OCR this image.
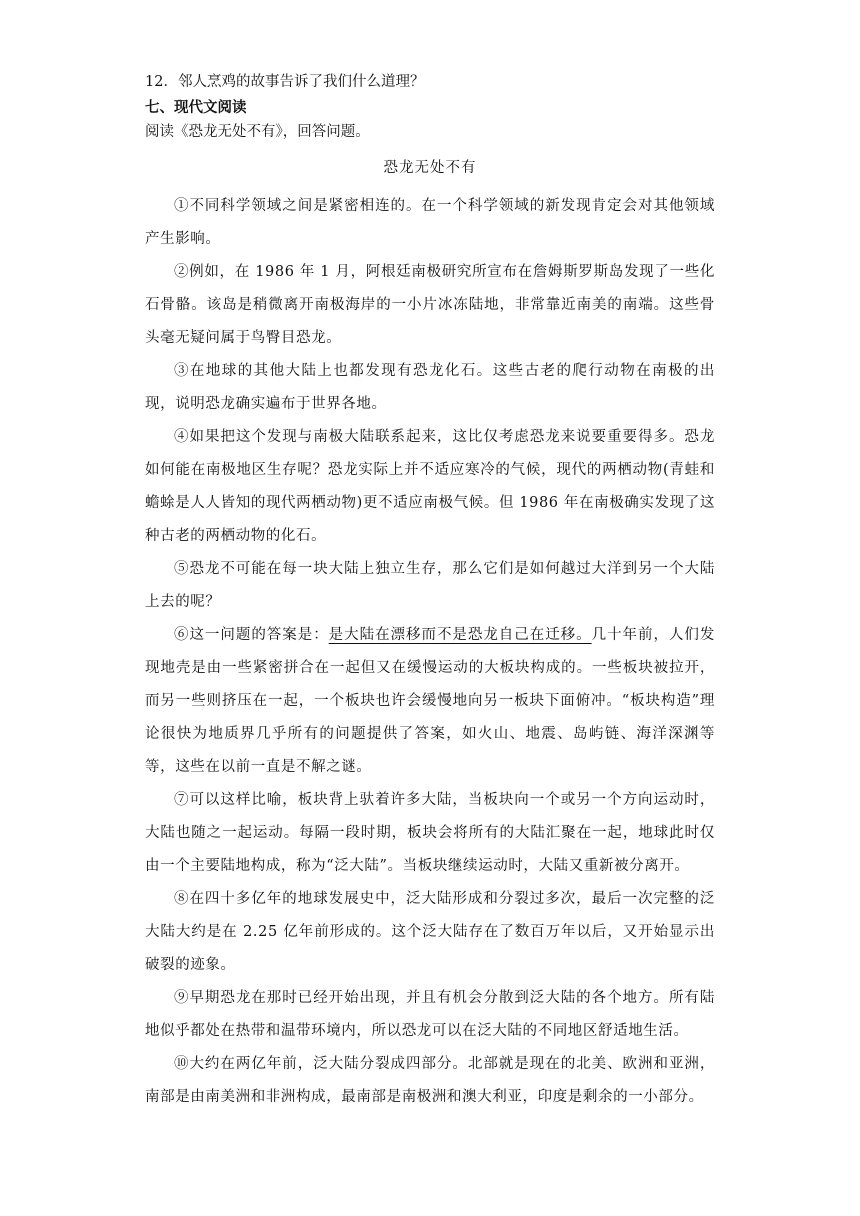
12．邻人烹鸡的故事告诉了我们什么道理？

七、现代文阅读

阅读《恐龙无处不有》，回答问题。

恐龙无处不有

①不同科学领域之间是紧密相连的。在一个科学领域的新发现肯定会对其他领域产生影响。

②例如，在 1986 年 1 月，阿根廷南极研究所宣布在詹姆斯罗斯岛发现了一些化石骨骼。该岛是稍微离开南极海岸的一小片冰冻陆地，非常靠近南美的南端。这些骨头毫无疑问属于鸟臀目恐龙。

③在地球的其他大陆上也都发现有恐龙化石。这些古老的爬行动物在南极的出现，说明恐龙确实遍布于世界各地。

④如果把这个发现与南极大陆联系起来，这比仅考虑恐龙来说要重要得多。恐龙如何能在南极地区生存呢？恐龙实际上并不适应寒冷的气候，现代的两栖动物(青蛙和蟾蜍是人人皆知的现代两栖动物)更不适应南极气候。但 1986 年在南极确实发现了这种古老的两栖动物的化石。

⑤恐龙不可能在每一块大陆上独立生存，那么它们是如何越过大洋到另一个大陆上去的呢？

⑥这一问题的答案是：是大陆在漂移而不是恐龙自己在迁移。几十年前，人们发现地壳是由一些紧密拼合在一起但又在缓慢运动的大板块构成的。一些板块被拉开，而另一些则挤压在一起，一个板块也许会缓慢地向另一板块下面俯冲。“板块构造”理论很快为地质界几乎所有的问题提供了答案，如火山、地震、岛屿链、海洋深渊等等，这些在以前一直是不解之谜。

⑦可以这样比喻，板块背上驮着许多大陆，当板块向一个或另一个方向运动时，大陆也随之一起运动。每隔一段时期，板块会将所有的大陆汇聚在一起，地球此时仅由一个主要陆地构成，称为“泛大陆”。当板块继续运动时，大陆又重新被分离开。

⑧在四十多亿年的地球发展史中，泛大陆形成和分裂过多次，最后一次完整的泛大陆大约是在 2.25 亿年前形成的。这个泛大陆存在了数百万年以后，又开始显示出破裂的迹象。

⑨早期恐龙在那时已经开始出现，并且有机会分散到泛大陆的各个地方。所有陆地似乎都处在热带和温带环境内，所以恐龙可以在泛大陆的不同地区舒适地生活。

⑩大约在两亿年前，泛大陆分裂成四部分。北部就是现在的北美、欧洲和亚洲，南部是由南美洲和非洲构成，最南部是南极洲和澳大利亚，印度是剩余的一小部分。
